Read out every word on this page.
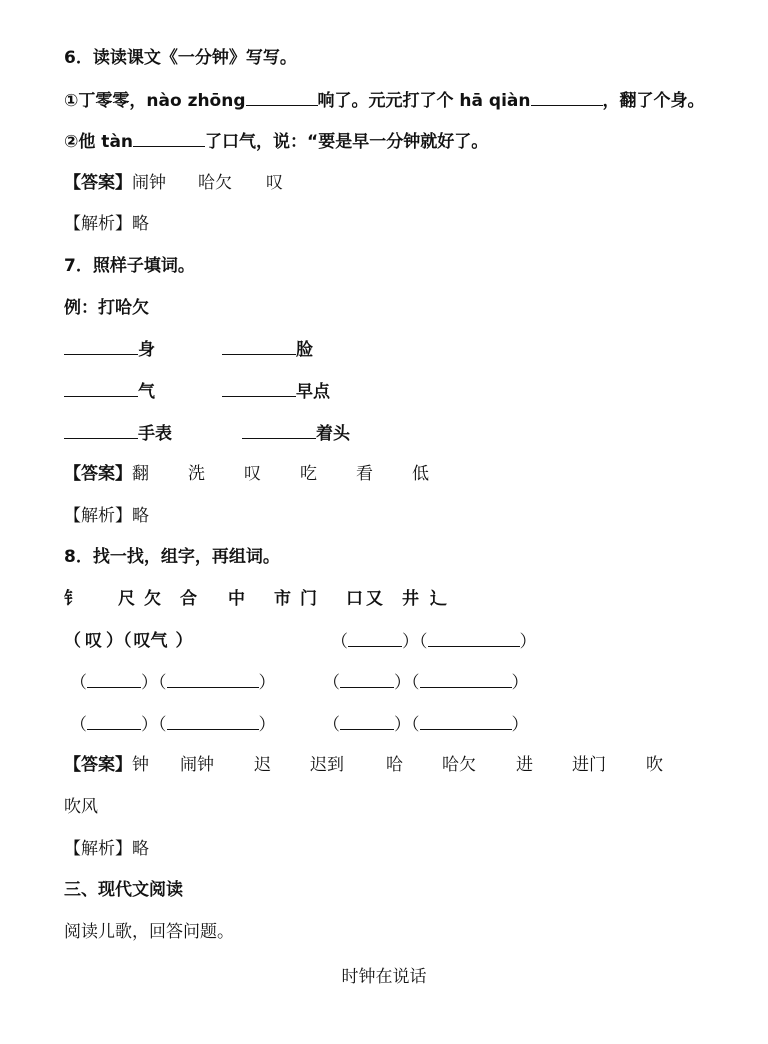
6．读读课文《一分钟》写写。
①丁零零，nào zhōng	响了。元元打了个 hā qiàn	，翻了个身。
②他 tàn	了口气，说：“要是早一分钟就好了。
【答案】闹钟 哈欠 叹
【解析】略
7．照样子填词。
例：打哈欠
身	脸
气	早点
手表	着头
【答案】翻 洗 叹 吃 看 低
【解析】略
8．找一找，组字，再组词。
钅 尺 欠 合 中 市 门 口 又 井 辶
（ 叹 ）（ 叹气 ）	（	）（	）
（	）（	）	（	）（	）
（	）（	）	（	）（	）
【答案】钟 闹钟 迟 迟到 哈 哈欠 进 进门 吹
吹风
【解析】略
三、现代文阅读
阅读儿歌，回答问题。
时钟在说话
